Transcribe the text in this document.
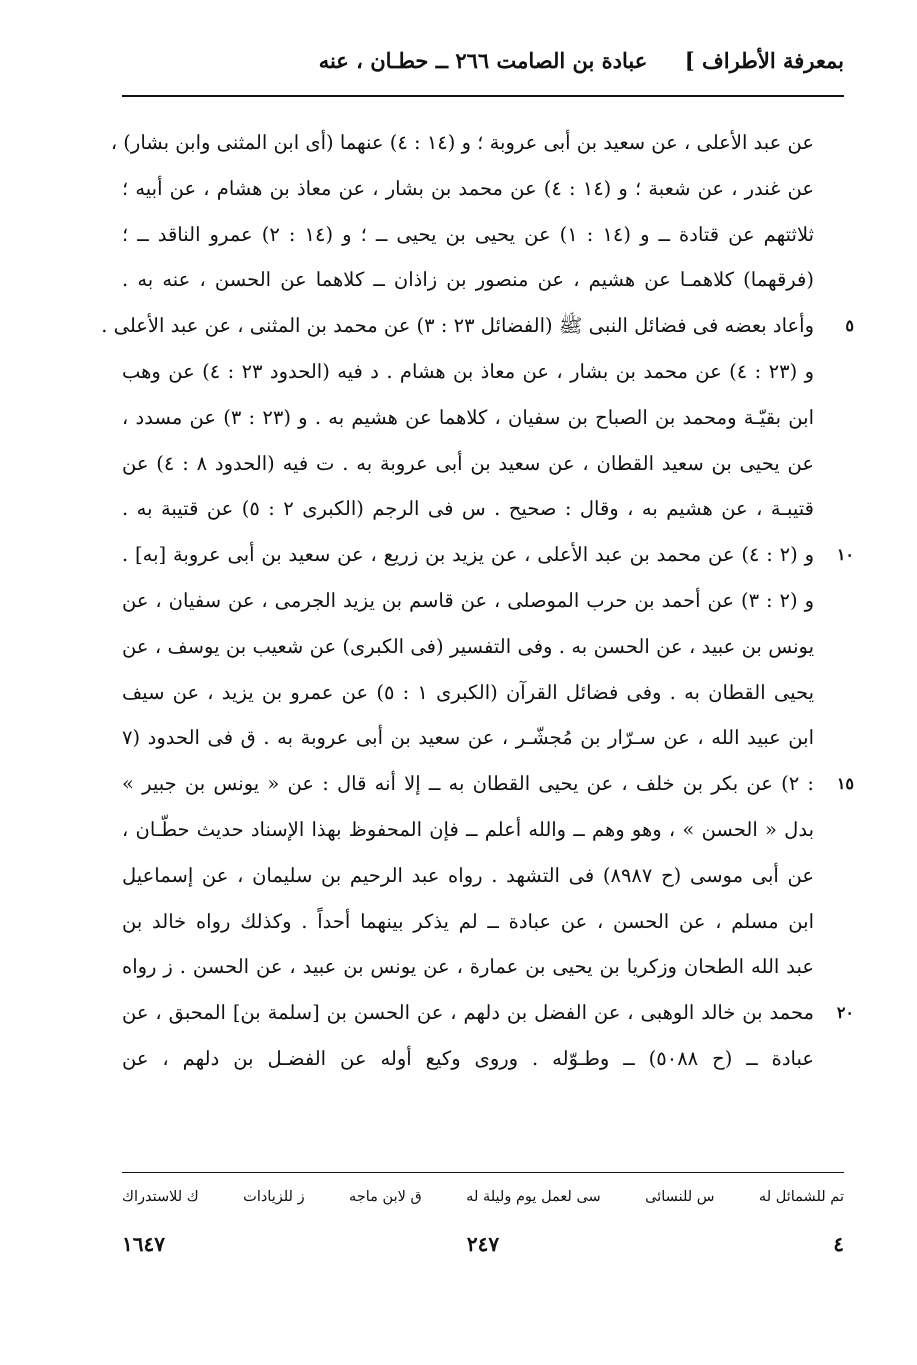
بمعرفة الأطراف ]
عبادة بن الصامت ٢٦٦ ــ حطـان ، عنه
عن عبد الأعلى ، عن سعيد بن أبى عروبة ؛ و (١٤ : ٤) عنهما (أى ابن المثنى وابن بشار) ،
عن غندر ، عن شعبة ؛ و (١٤ : ٤) عن محمد بن بشار ، عن معاذ بن هشام ، عن أبيه ؛
ثلاثتهم عن قتادة ــ و (١٤ : ١) عن يحيى بن يحيى ــ ؛ و (١٤ : ٢) عمرو الناقد ــ ؛
(فرقهما) كلاهمـا عن هشيم ، عن منصور بن زاذان ــ كلاهما عن الحسن ، عنه به .
وأعاد بعضه فى فضائل النبى ﷺ (الفضائل ٢٣ : ٣) عن محمد بن المثنى ، عن عبد الأعلى . ٥
و (٢٣ : ٤) عن محمد بن بشار ، عن معاذ بن هشام . د فيه (الحدود ٢٣ : ٤) عن وهب
ابن بقيّـة ومحمد بن الصباح بن سفيان ، كلاهما عن هشيم به . و (٢٣ : ٣) عن مسدد ،
عن يحيى بن سعيد القطان ، عن سعيد بن أبى عروبة به . ت فيه (الحدود ٨ : ٤) عن
قتيبـة ، عن هشيم به ، وقال : صحيح . س فى الرجم (الكبرى ٢ : ٥) عن قتيبة به .
و (٢ : ٤) عن محمد بن عبد الأعلى ، عن يزيد بن زريع ، عن سعيد بن أبى عروبة [به] . ١٠
و (٢ : ٣) عن أحمد بن حرب الموصلى ، عن قاسم بن يزيد الجرمى ، عن سفيان ، عن
يونس بن عبيد ، عن الحسن به . وفى التفسير (فى الكبرى) عن شعيب بن يوسف ، عن
يحيى القطان به . وفى فضائل القرآن (الكبرى ١ : ٥) عن عمرو بن يزيد ، عن سيف
ابن عبيد الله ، عن سـرّار بن مُجشّـر ، عن سعيد بن أبى عروبة به . ق فى الحدود (٧
: ٢) عن بكر بن خلف ، عن يحيى القطان به ــ إلا أنه قال : عن « يونس بن جبير » ١٥
بدل « الحسن » ، وهو وهم ــ والله أعلم ــ فإن المحفوظ بهذا الإسناد حديث حطّـان ،
عن أبى موسى (ح ٨٩٨٧) فى التشهد . رواه عبد الرحيم بن سليمان ، عن إسماعيل
ابن مسلم ، عن الحسن ، عن عبادة ــ لم يذكر بينهما أحداً . وكذلك رواه خالد بن
عبد الله الطحان وزكريا بن يحيى بن عمارة ، عن يونس بن عبيد ، عن الحسن . ز رواه
محمد بن خالد الوهبى ، عن الفضل بن دلهم ، عن الحسن بن [سلمة بن] المحبق ، عن ٢٠
عبادة ــ (ح ٥٠٨٨) ــ وطـوّله . وروى وكيع أوله عن الفضـل بن دلهم ، عن
تم للشمائل له
س للنسائى
سى لعمل يوم وليلة له
ق لابن ماجه
ز للزيادات
ك للاستدراك
٤
٢٤٧
١٦٤٧
